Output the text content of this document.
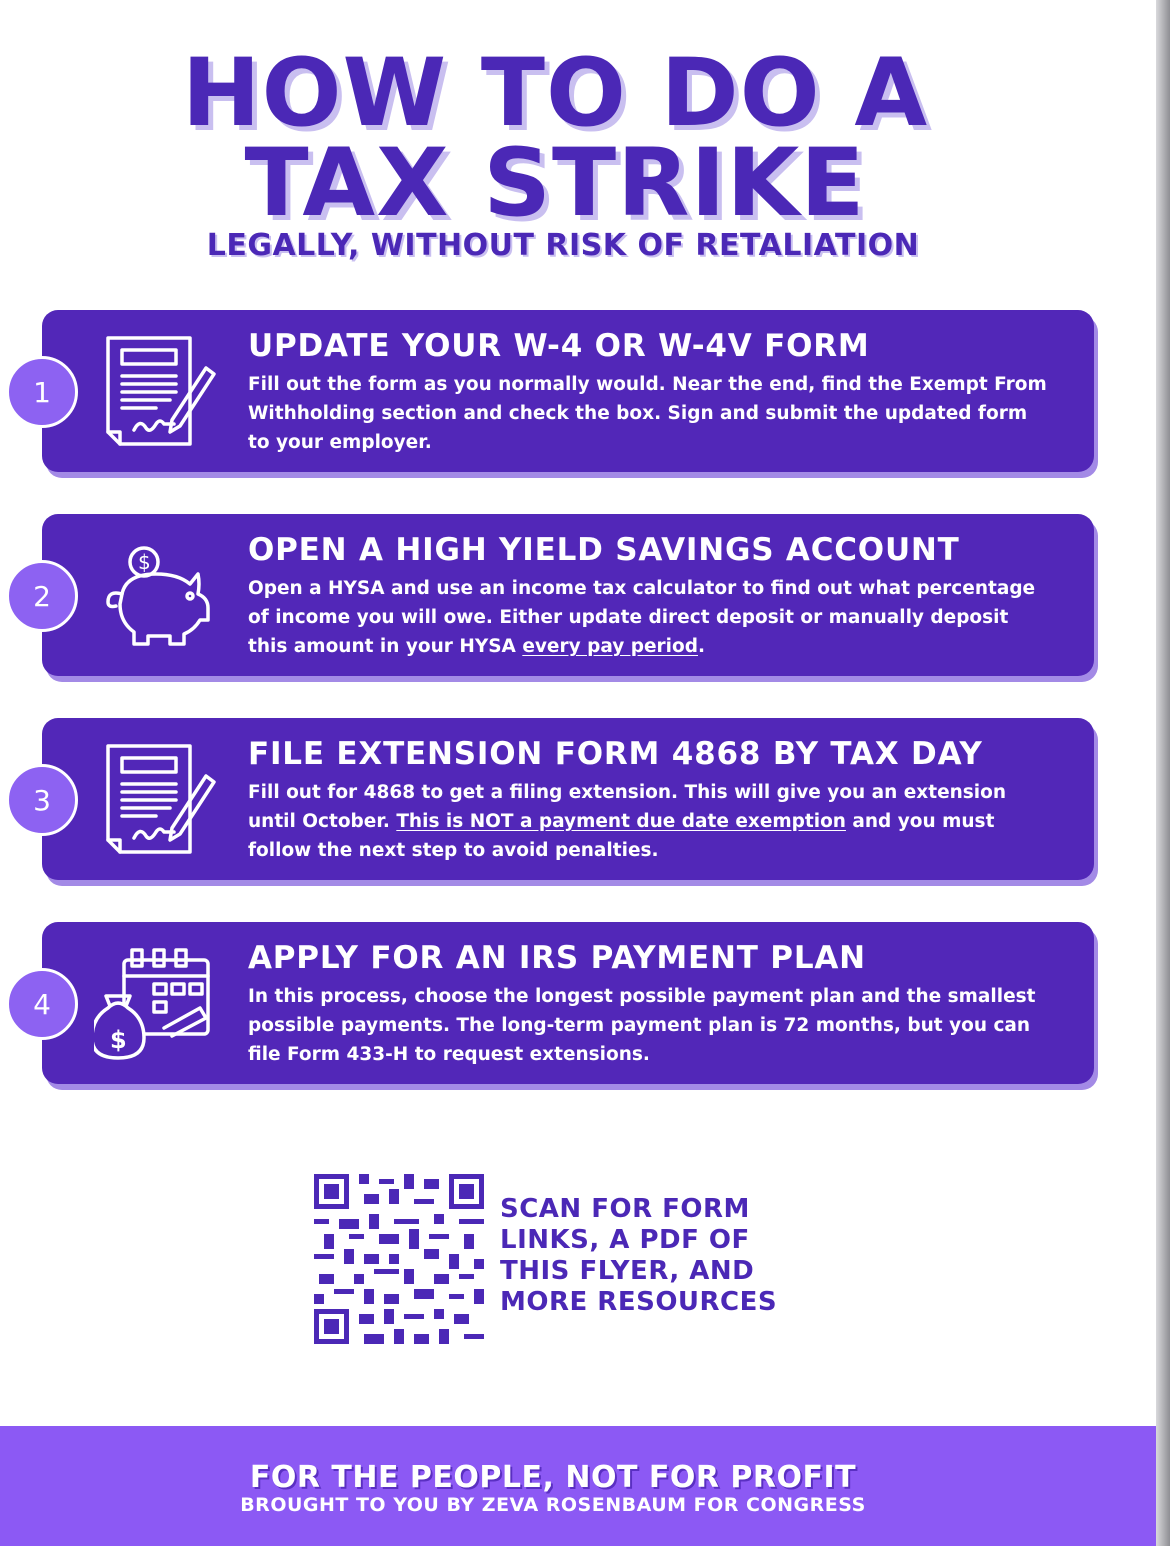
HOW TO DO A
TAX STRIKE
LEGALLY, WITHOUT RISK OF RETALIATION
1
UPDATE YOUR W-4 OR W-4V FORM
Fill out the form as you normally would. Near the end, find the Exempt From Withholding section and check the box. Sign and submit the updated form to your employer.
2
$	OPEN A HIGH YIELD SAVINGS ACCOUNT
Open a HYSA and use an income tax calculator to find out what percentage of income you will owe. Either update direct deposit or manually deposit this amount in your HYSA every pay period.
3
FILE EXTENSION FORM 4868 BY TAX DAY
Fill out for 4868 to get a filing extension. This will give you an extension until October. This is NOT a payment due date exemption and you must follow the next step to avoid penalties.
4
$
APPLY FOR AN IRS PAYMENT PLAN
In this process, choose the longest possible payment plan and the smallest possible payments. The long-term payment plan is 72 months, but you can file Form 433-H to request extensions.
SCAN FOR FORM
LINKS, A PDF OF
THIS FLYER, AND
MORE RESOURCES
FOR THE PEOPLE, NOT FOR PROFIT
BROUGHT TO YOU BY ZEVA ROSENBAUM FOR CONGRESS
